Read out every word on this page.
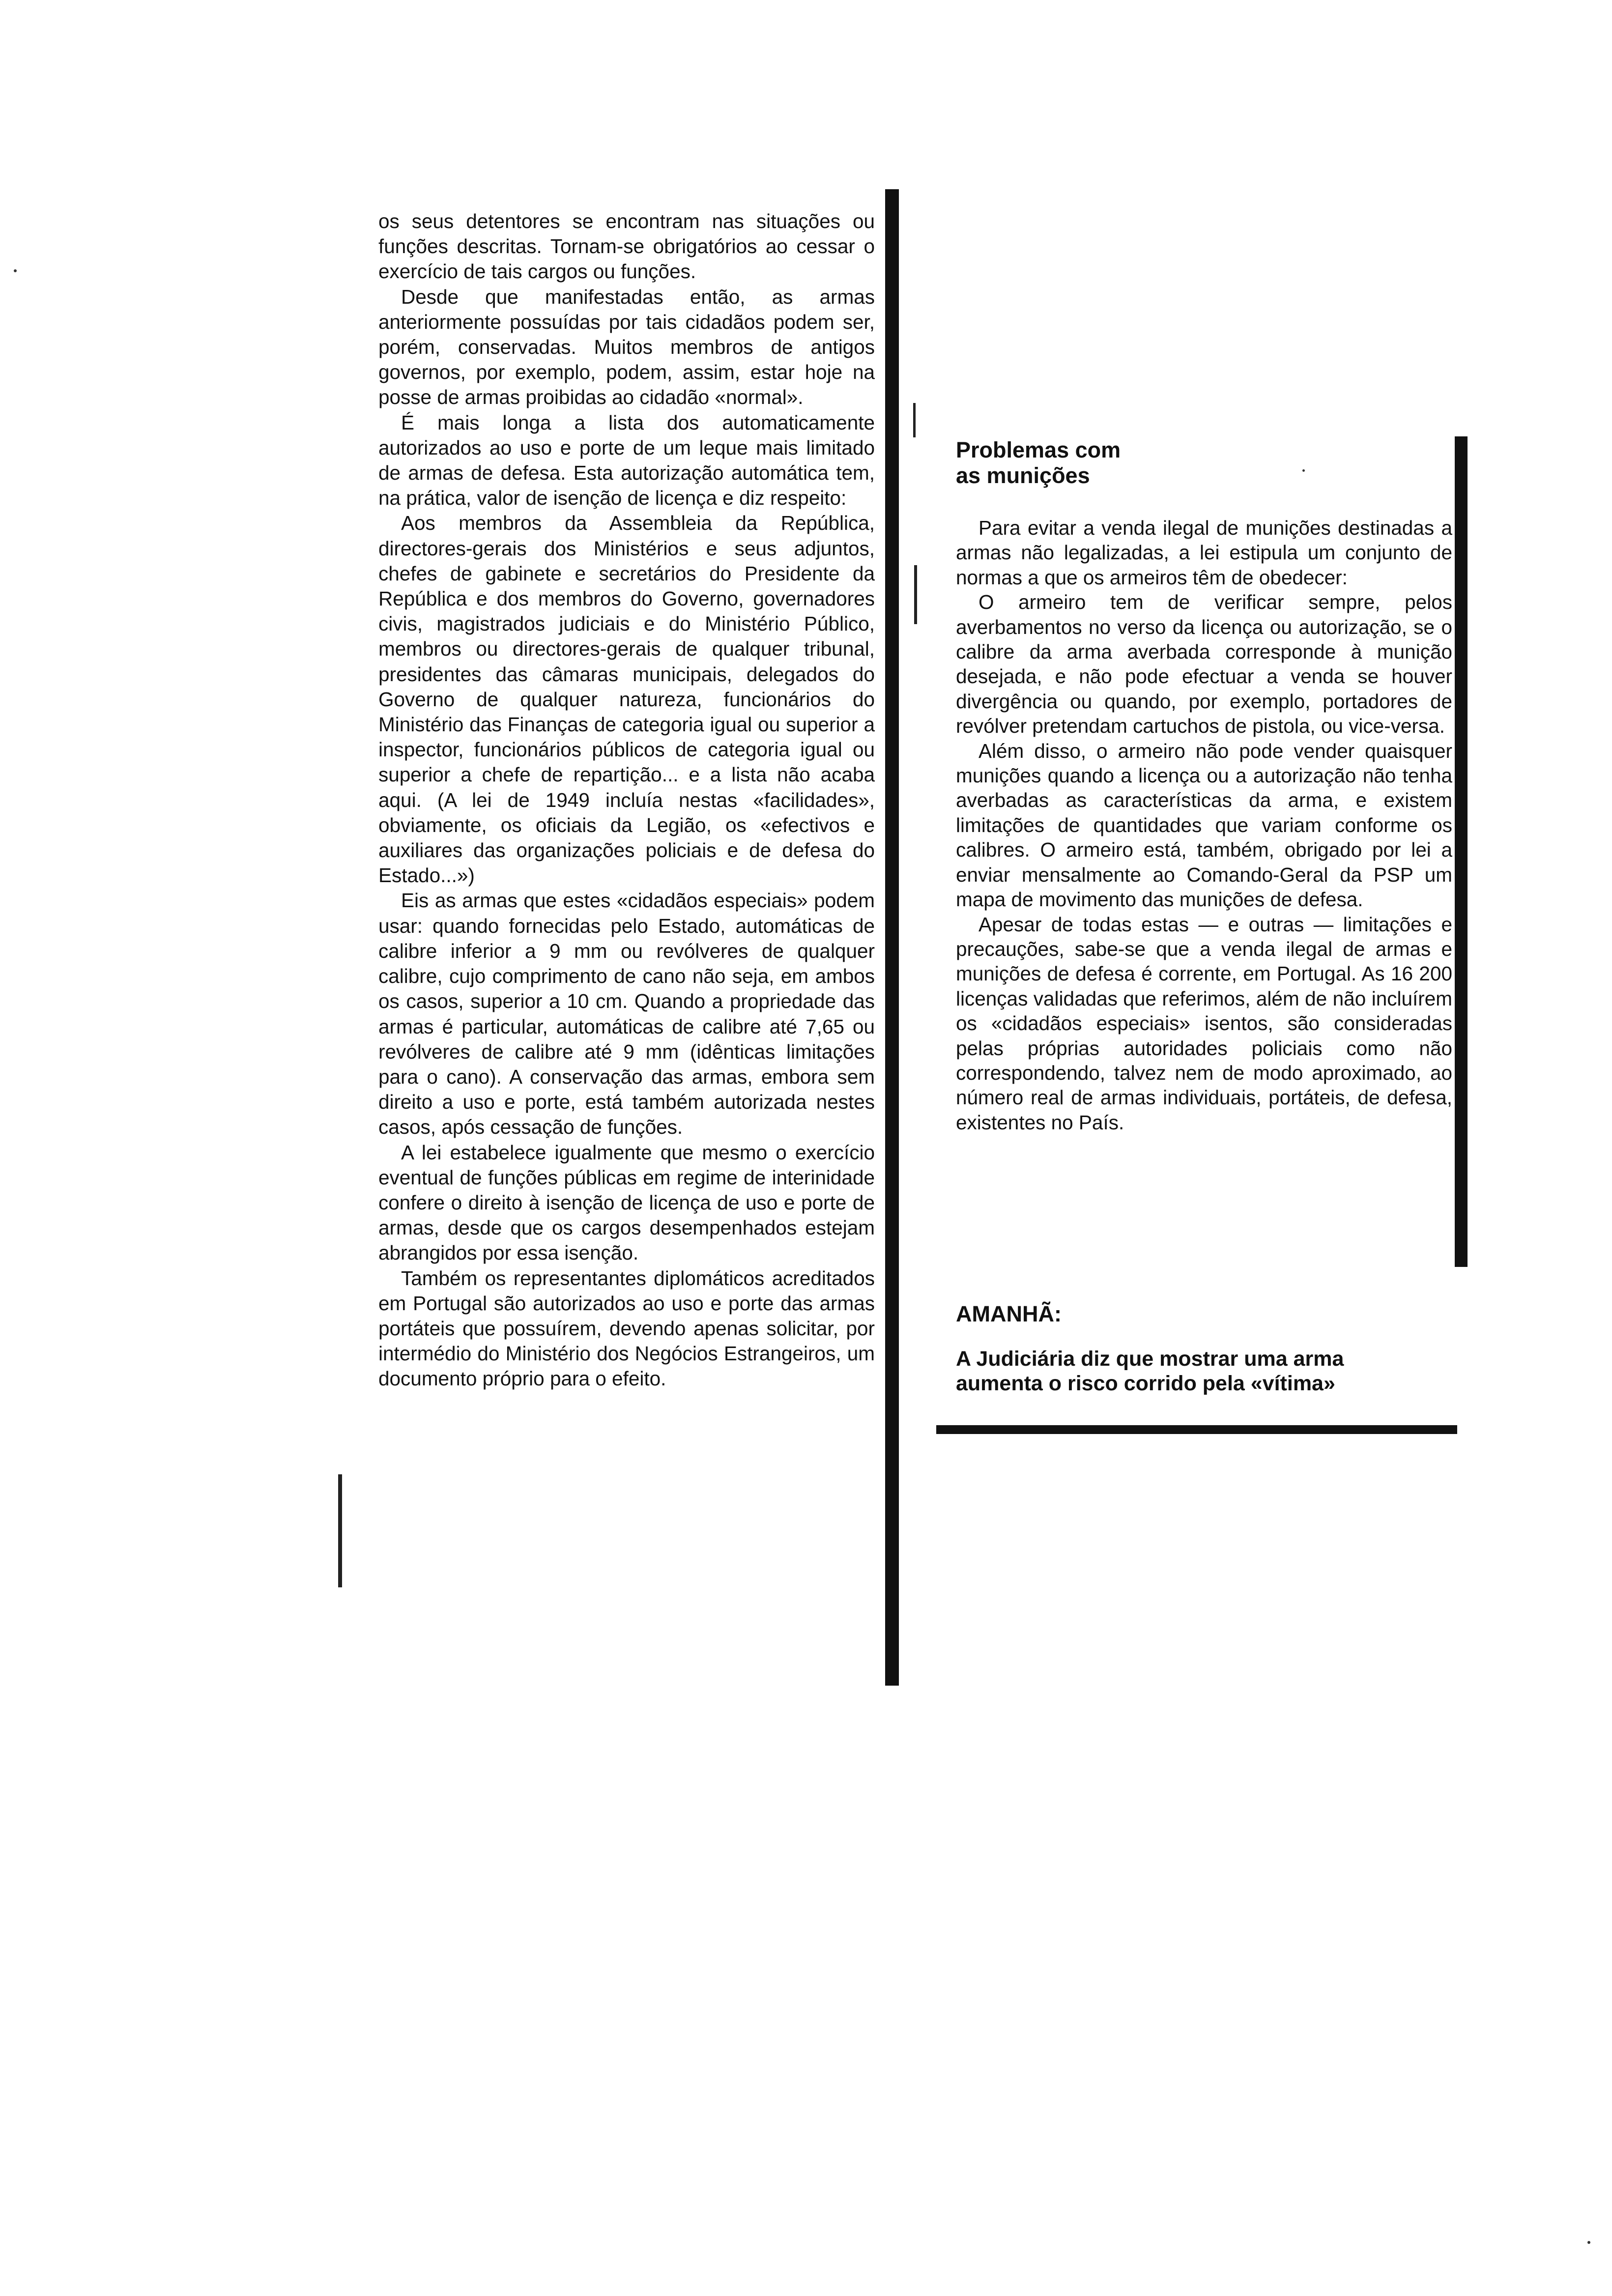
os seus detentores se encontram nas situações ou funções descritas. Tornam-se obrigatórios ao cessar o exercício de tais cargos ou funções.

Desde que manifestadas então, as armas anteriormente possuídas por tais cidadãos podem ser, porém, conservadas. Muitos membros de antigos governos, por exemplo, podem, assim, estar hoje na posse de armas proibidas ao cidadão «normal».

É mais longa a lista dos automaticamente autorizados ao uso e porte de um leque mais limitado de armas de defesa. Esta autorização automática tem, na prática, valor de isenção de licença e diz respeito:

Aos membros da Assembleia da República, directores-gerais dos Ministérios e seus adjuntos, chefes de gabinete e secretários do Presidente da República e dos membros do Governo, governadores civis, magistrados judiciais e do Ministério Público, membros ou directores-gerais de qualquer tribunal, presidentes das câmaras municipais, delegados do Governo de qualquer natureza, funcionários do Ministério das Finanças de categoria igual ou superior a inspector, funcionários públicos de categoria igual ou superior a chefe de repartição... e a lista não acaba aqui. (A lei de 1949 incluía nestas «facilidades», obviamente, os oficiais da Legião, os «efectivos e auxiliares das organizações policiais e de defesa do Estado...»)

Eis as armas que estes «cidadãos especiais» podem usar: quando fornecidas pelo Estado, automáticas de calibre inferior a 9 mm ou revólveres de qualquer calibre, cujo comprimento de cano não seja, em ambos os casos, superior a 10 cm. Quando a propriedade das armas é particular, automáticas de calibre até 7,65 ou revólveres de calibre até 9 mm (idênticas limitações para o cano). A conservação das armas, embora sem direito a uso e porte, está também autorizada nestes casos, após cessação de funções.

A lei estabelece igualmente que mesmo o exercício eventual de funções públicas em regime de interinidade confere o direito à isenção de licença de uso e porte de armas, desde que os cargos desempenhados estejam abrangidos por essa isenção.

Também os representantes diplomáticos acreditados em Portugal são autorizados ao uso e porte das armas portáteis que possuírem, devendo apenas solicitar, por intermédio do Ministério dos Negócios Estrangeiros, um documento próprio para o efeito.

Problemas com
as munições

Para evitar a venda ilegal de munições destinadas a armas não legalizadas, a lei estipula um conjunto de normas a que os armeiros têm de obedecer:

O armeiro tem de verificar sempre, pelos averbamentos no verso da licença ou autorização, se o calibre da arma averbada corresponde à munição desejada, e não pode efectuar a venda se houver divergência ou quando, por exemplo, portadores de revólver pretendam cartuchos de pistola, ou vice-versa.

Além disso, o armeiro não pode vender quaisquer munições quando a licença ou a autorização não tenha averbadas as características da arma, e existem limitações de quantidades que variam conforme os calibres. O armeiro está, também, obrigado por lei a enviar mensalmente ao Comando-Geral da PSP um mapa de movimento das munições de defesa.

Apesar de todas estas — e outras — limitações e precauções, sabe-se que a venda ilegal de armas e munições de defesa é corrente, em Portugal. As 16 200 licenças validadas que referimos, além de não incluírem os «cidadãos especiais» isentos, são consideradas pelas próprias autoridades policiais como não correspondendo, talvez nem de modo aproximado, ao número real de armas individuais, portáteis, de defesa, existentes no País.

AMANHÃ:

A Judiciária diz que mostrar uma arma
aumenta o risco corrido pela «vítima»
